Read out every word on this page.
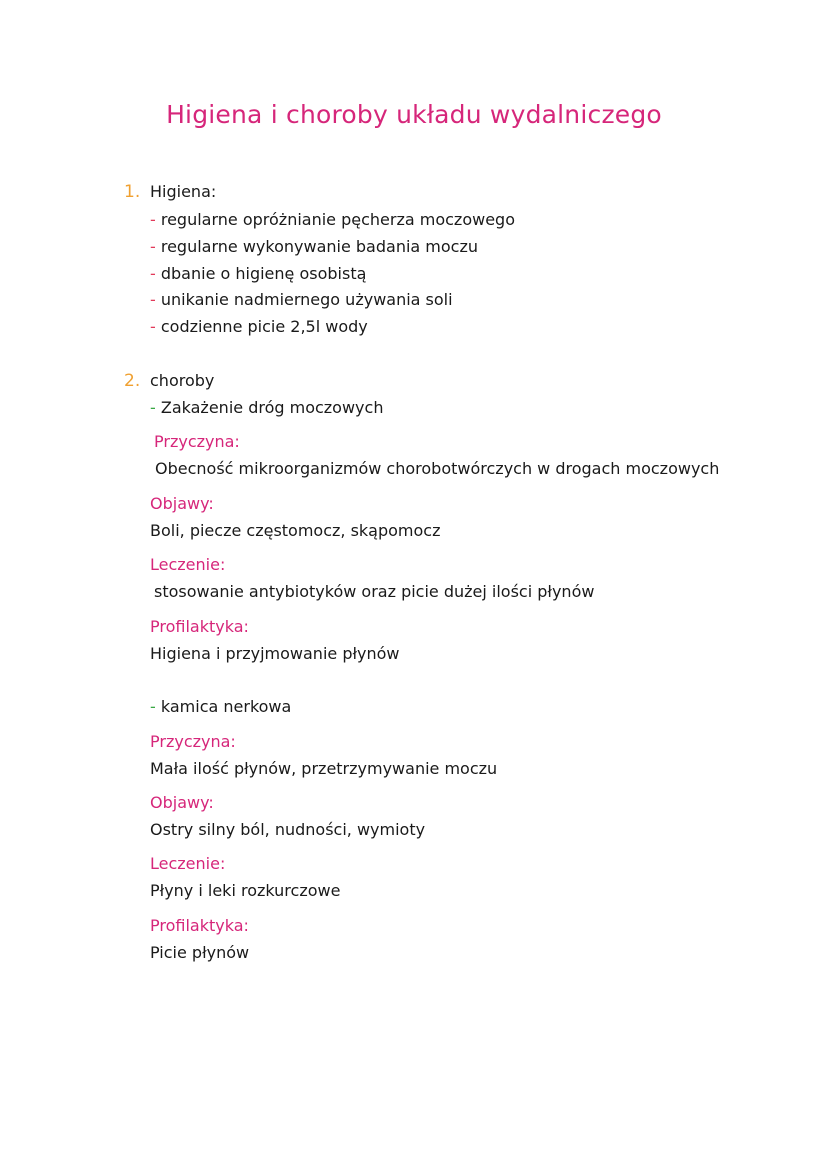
Higiena i choroby układu wydalniczego
1. Higiena:
- regularne opróżnianie pęcherza moczowego
- regularne wykonywanie badania moczu
- dbanie o higienę osobistą
- unikanie nadmiernego używania soli
- codzienne picie 2,5l wody
2. choroby
- Zakażenie dróg moczowych
Przyczyna:
Obecność mikroorganizmów chorobotwórczych w drogach moczowych
Objawy:
Boli, piecze częstomocz, skąpomocz
Leczenie:
stosowanie antybiotyków oraz picie dużej ilości płynów
Profilaktyka:
Higiena i przyjmowanie płynów
- kamica nerkowa
Przyczyna:
Mała ilość płynów, przetrzymywanie moczu
Objawy:
Ostry silny ból, nudności, wymioty
Leczenie:
Płyny i leki rozkurczowe
Profilaktyka:
Picie płynów
